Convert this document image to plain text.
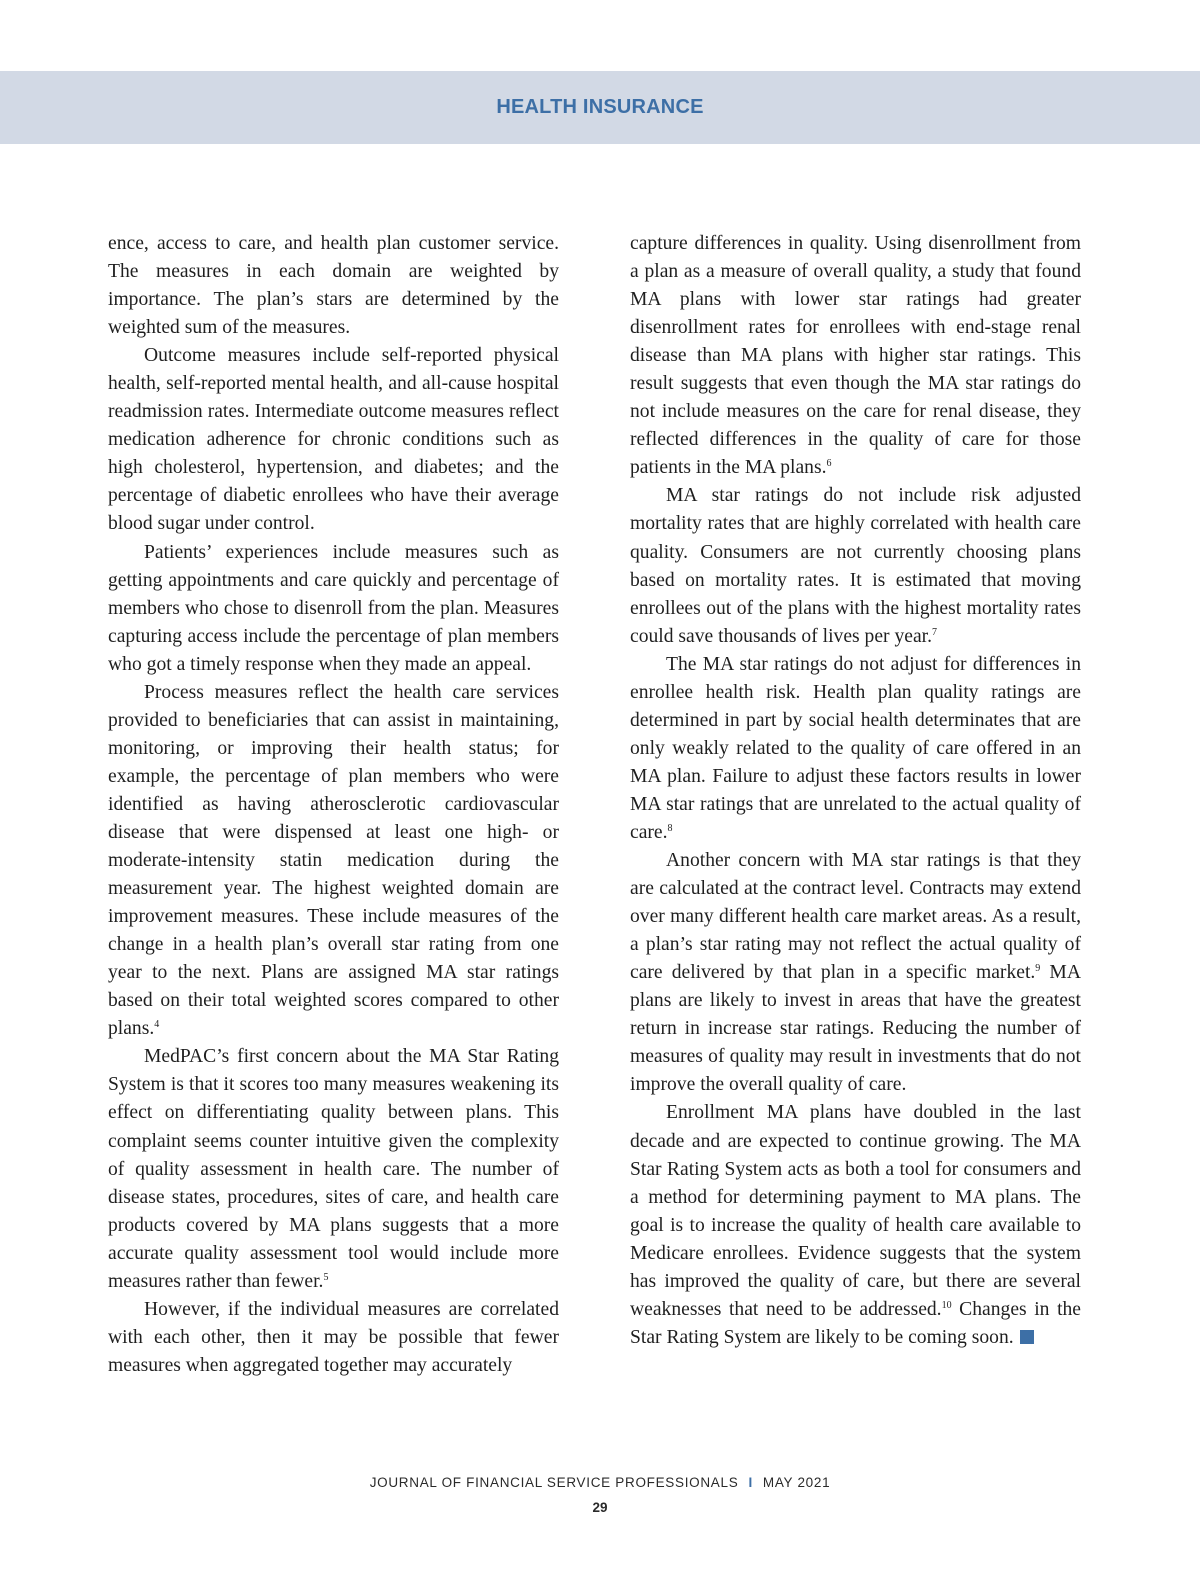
HEALTH INSURANCE

ence, access to care, and health plan customer service. The measures in each domain are weighted by importance. The plan’s stars are determined by the weighted sum of the measures.

Outcome measures include self-reported physical health, self-reported mental health, and all-cause hospital readmission rates. Intermediate outcome measures reflect medication adherence for chronic conditions such as high cholesterol, hypertension, and diabetes; and the percentage of diabetic enrollees who have their average blood sugar under control.

Patients’ experiences include measures such as getting appointments and care quickly and percentage of members who chose to disenroll from the plan. Measures capturing access include the percentage of plan members who got a timely response when they made an appeal.

Process measures reflect the health care services provided to beneficiaries that can assist in maintaining, monitoring, or improving their health status; for example, the percentage of plan members who were identified as having atherosclerotic cardiovascular disease that were dispensed at least one high- or moderate-intensity statin medication during the measurement year. The highest weighted domain are improvement measures. These include measures of the change in a health plan’s overall star rating from one year to the next. Plans are assigned MA star ratings based on their total weighted scores compared to other plans.$^4$

MedPAC’s first concern about the MA Star Rating System is that it scores too many measures weakening its effect on differentiating quality between plans. This complaint seems counter intuitive given the complexity of quality assessment in health care. The number of disease states, procedures, sites of care, and health care products covered by MA plans suggests that a more accurate quality assessment tool would include more measures rather than fewer.$^5$

However, if the individual measures are correlated with each other, then it may be possible that fewer measures when aggregated together may accurately

capture differences in quality. Using disenrollment from a plan as a measure of overall quality, a study that found MA plans with lower star ratings had greater disenrollment rates for enrollees with end-stage renal disease than MA plans with higher star ratings. This result suggests that even though the MA star ratings do not include measures on the care for renal disease, they reflected differences in the quality of care for those patients in the MA plans.$^6$

MA star ratings do not include risk adjusted mortality rates that are highly correlated with health care quality. Consumers are not currently choosing plans based on mortality rates. It is estimated that moving enrollees out of the plans with the highest mortality rates could save thousands of lives per year.$^7$

The MA star ratings do not adjust for differences in enrollee health risk. Health plan quality ratings are determined in part by social health determinates that are only weakly related to the quality of care offered in an MA plan. Failure to adjust these factors results in lower MA star ratings that are unrelated to the actual quality of care.$^8$

Another concern with MA star ratings is that they are calculated at the contract level. Contracts may extend over many different health care market areas. As a result, a plan’s star rating may not reflect the actual quality of care delivered by that plan in a specific market.$^9$ MA plans are likely to invest in areas that have the greatest return in increase star ratings. Reducing the number of measures of quality may result in investments that do not improve the overall quality of care.

Enrollment MA plans have doubled in the last decade and are expected to continue growing. The MA Star Rating System acts as both a tool for consumers and a method for determining payment to MA plans. The goal is to increase the quality of health care available to Medicare enrollees. Evidence suggests that the system has improved the quality of care, but there are several weaknesses that need to be addressed.$^{10}$ Changes in the Star Rating System are likely to be coming soon.

JOURNAL OF FINANCIAL SERVICE PROFESSIONALS I MAY 2021
29
